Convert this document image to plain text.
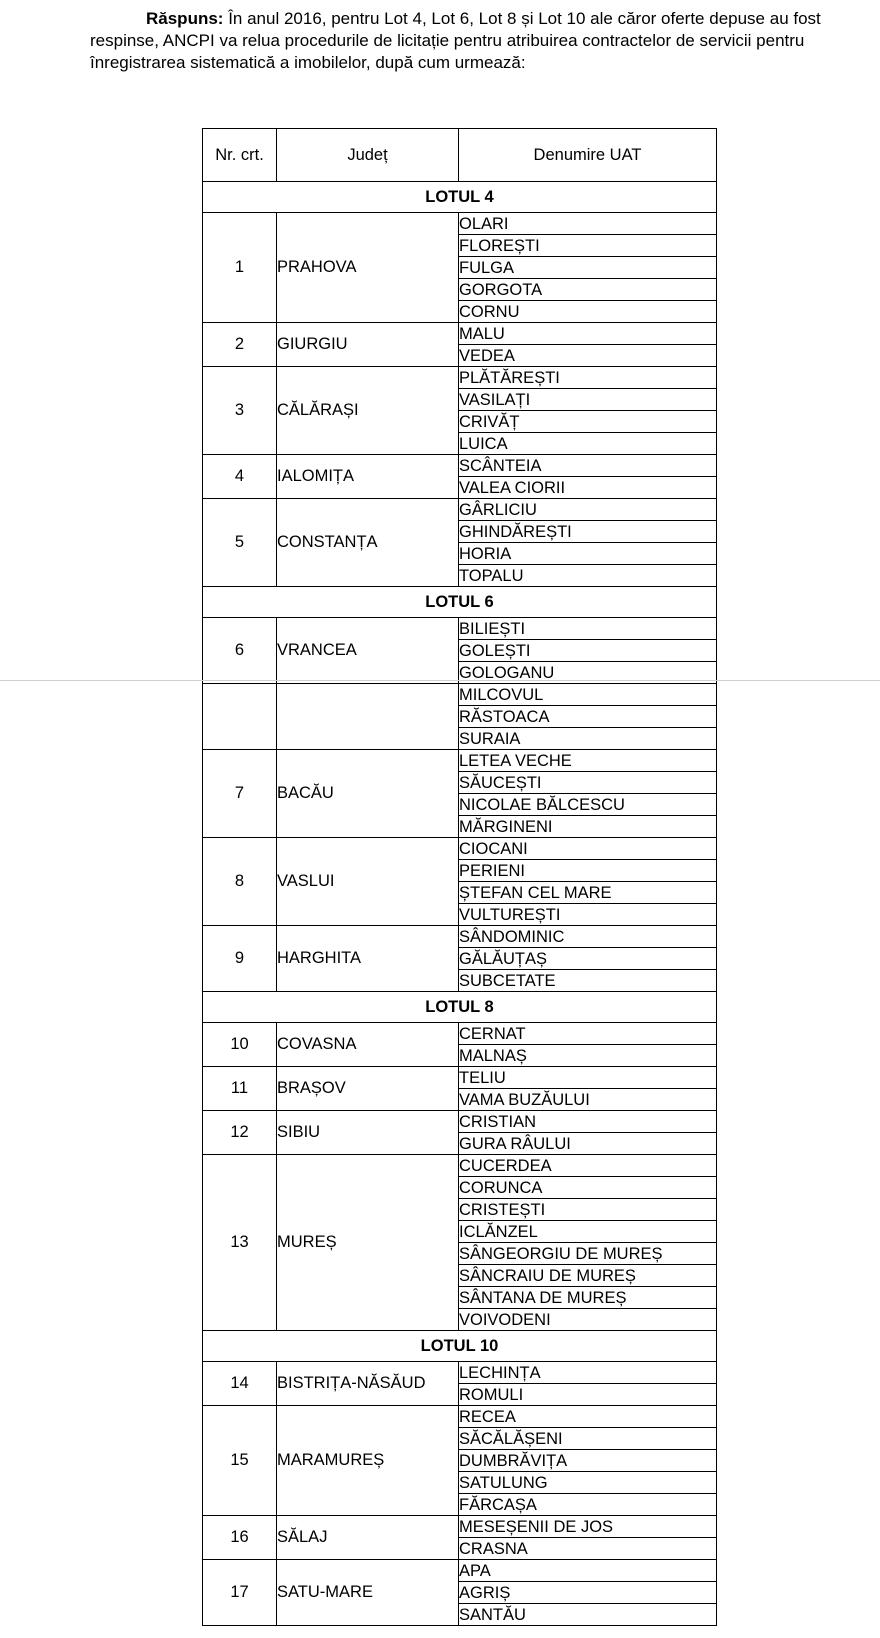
Răspuns: În anul 2016, pentru Lot 4, Lot 6, Lot 8 și Lot 10 ale căror oferte depuse au fost respinse, ANCPI va relua procedurile de licitație pentru atribuirea contractelor de servicii pentru înregistrarea sistematică a imobilelor, după cum urmează:

Nr. crt.	Județ	Denumire UAT
LOTUL 4		
1	PRAHOVA	OLARI
		FLOREȘTI
		FULGA
		GORGOTA
		CORNU
2	GIURGIU	MALU
		VEDEA
3	CĂLĂRAȘI	PLĂTĂREȘTI
		VASILAȚI
		CRIVĂȚ
		LUICA
4	IALOMIȚA	SCÂNTEIA
		VALEA CIORII
5	CONSTANȚA	GÂRLICIU
		GHINDĂREȘTI
		HORIA
		TOPALU
LOTUL 6		
6	VRANCEA	BILIEȘTI
		GOLEȘTI
		GOLOGANU
		MILCOVUL
		RĂSTOACA
		SURAIA
7	BACĂU	LETEA VECHE
		SĂUCEȘTI
		NICOLAE BĂLCESCU
		MĂRGINENI
8	VASLUI	CIOCANI
		PERIENI
		ȘTEFAN CEL MARE
		VULTUREȘTI
9	HARGHITA	SÂNDOMINIC
		GĂLĂUȚAȘ
		SUBCETATE
LOTUL 8		
10	COVASNA	CERNAT
		MALNAȘ
11	BRAȘOV	TELIU
		VAMA BUZĂULUI
12	SIBIU	CRISTIAN
		GURA RÂULUI
13	MUREȘ	CUCERDEA
		CORUNCA
		CRISTEȘTI
		ICLĂNZEL
		SÂNGEORGIU DE MUREȘ
		SÂNCRAIU DE MUREȘ
		SÂNTANA DE MUREȘ
		VOIVODENI
LOTUL 10		
14	BISTRIȚA-NĂSĂUD	LECHINȚA
		ROMULI
15	MARAMUREȘ	RECEA
		SĂCĂLĂȘENI
		DUMBRĂVIȚA
		SATULUNG
		FĂRCAȘA
16	SĂLAJ	MESEȘENII DE JOS
		CRASNA
17	SATU-MARE	APA
		AGRIȘ
		SANTĂU
